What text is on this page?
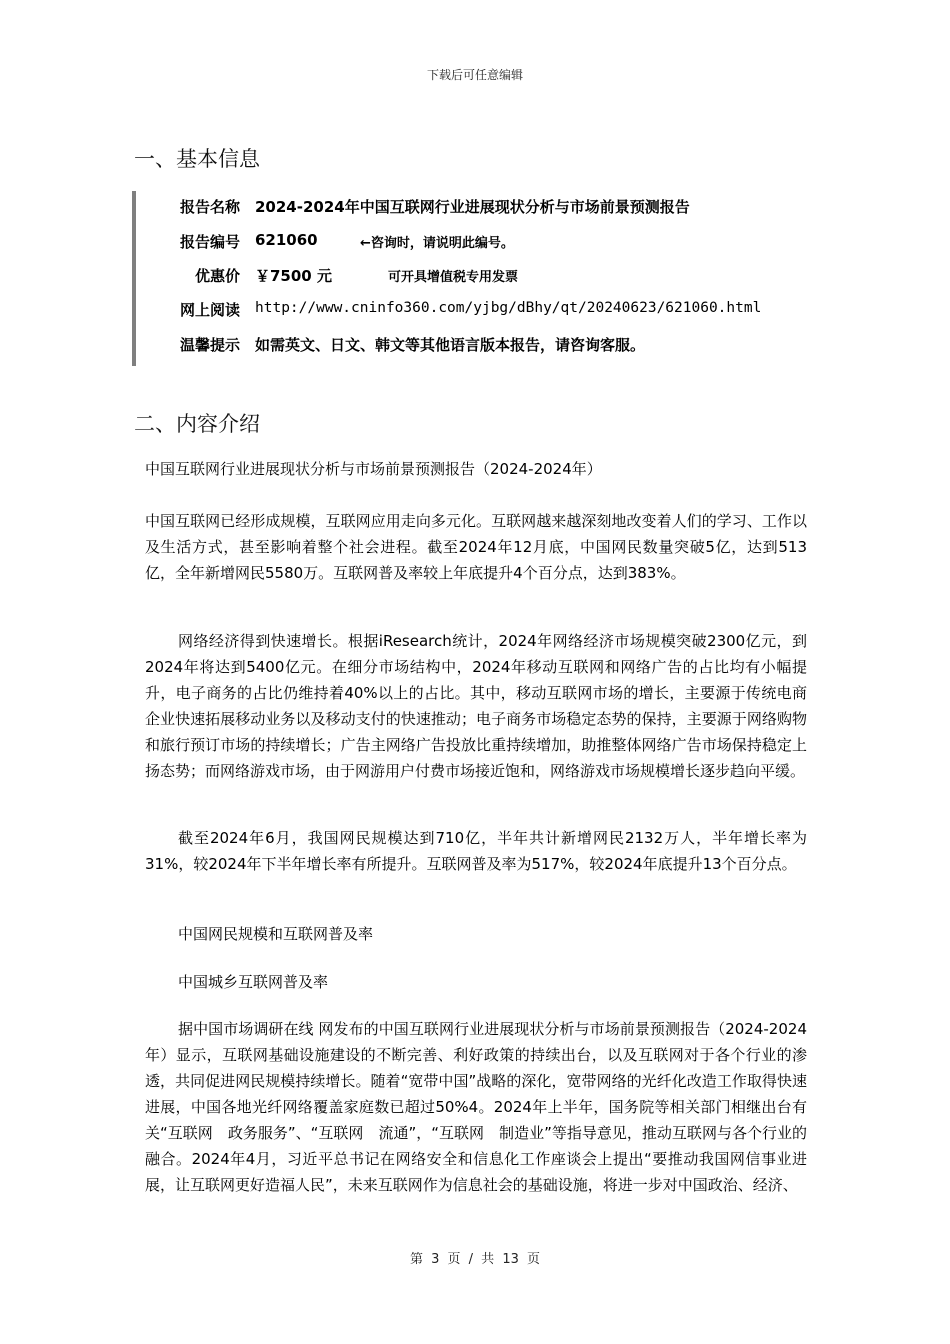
下载后可任意编辑
一、基本信息
报告名称 2024-2024年中国互联网行业进展现状分析与市场前景预测报告
报告编号 621060	←咨询时，请说明此编号。
优惠价 ￥7500 元	可开具增值税专用发票
网上阅读 http://www.cninfo360.com/yjbg/dBhy/qt/20240623/621060.html
温馨提示 如需英文、日文、韩文等其他语言版本报告，请咨询客服。
二、内容介绍

中国互联网行业进展现状分析与市场前景预测报告（2024-2024年）

中国互联网已经形成规模，互联网应用走向多元化。互联网越来越深刻地改变着人们的学习、工作以及生活方式，甚至影响着整个社会进程。截至2024年12月底，中国网民数量突破5亿，达到513亿，全年新增网民5580万。互联网普及率较上年底提升4个百分点，达到383%。

网络经济得到快速增长。根据iResearch统计，2024年网络经济市场规模突破2300亿元，到2024年将达到5400亿元。在细分市场结构中，2024年移动互联网和网络广告的占比均有小幅提升，电子商务的占比仍维持着40%以上的占比。其中，移动互联网市场的增长，主要源于传统电商企业快速拓展移动业务以及移动支付的快速推动；电子商务市场稳定态势的保持，主要源于网络购物和旅行预订市场的持续增长；广告主网络广告投放比重持续增加，助推整体网络广告市场保持稳定上扬态势；而网络游戏市场，由于网游用户付费市场接近饱和，网络游戏市场规模增长逐步趋向平缓。

截至2024年6月，我国网民规模达到710亿，半年共计新增网民2132万人，半年增长率为31%，较2024年下半年增长率有所提升。互联网普及率为517%，较2024年底提升13个百分点。

中国网民规模和互联网普及率

中国城乡互联网普及率

据中国市场调研在线 网发布的中国互联网行业进展现状分析与市场前景预测报告（2024-2024年）显示，互联网基础设施建设的不断完善、利好政策的持续出台，以及互联网对于各个行业的渗透，共同促进网民规模持续增长。随着“宽带中国”战略的深化，宽带网络的光纤化改造工作取得快速进展，中国各地光纤网络覆盖家庭数已超过50%4。2024年上半年，国务院等相关部门相继出台有关“互联网　政务服务”、“互联网　流通”，“互联网　制造业”等指导意见，推动互联网与各个行业的融合。2024年4月，习近平总书记在网络安全和信息化工作座谈会上提出“要推动我国网信事业进展，让互联网更好造福人民”，未来互联网作为信息社会的基础设施，将进一步对中国政治、经济、

第 3 页 / 共 13 页
